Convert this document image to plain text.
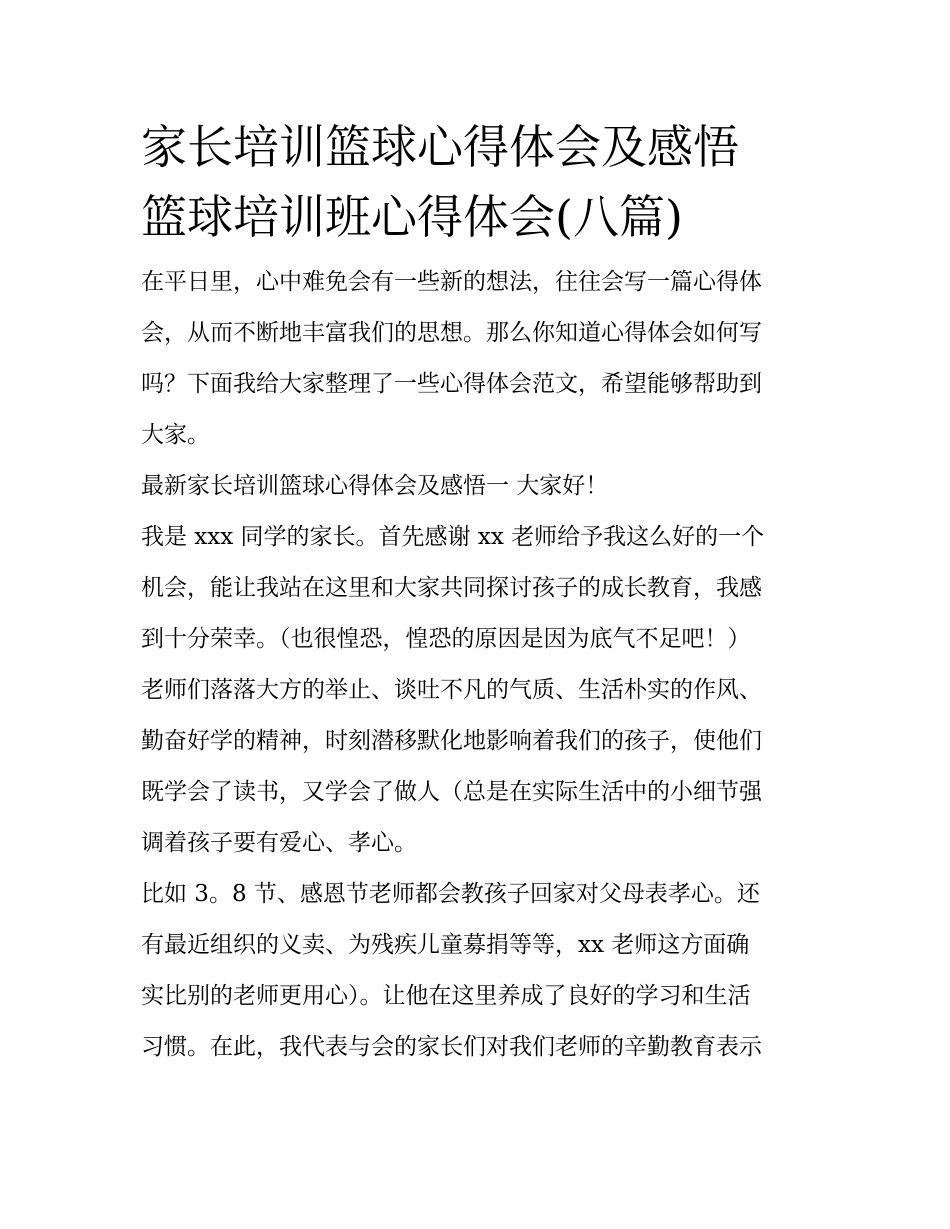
家长培训篮球心得体会及感悟
篮球培训班心得体会(八篇)

在平日里，心中难免会有一些新的想法，往往会写一篇心得体

会，从而不断地丰富我们的思想。那么你知道心得体会如何写

吗？下面我给大家整理了一些心得体会范文，希望能够帮助到

大家。

最新家长培训篮球心得体会及感悟一 大家好！

我是 xxx 同学的家长。首先感谢 xx 老师给予我这么好的一个

机会，能让我站在这里和大家共同探讨孩子的成长教育，我感

到十分荣幸。（也很惶恐，惶恐的原因是因为底气不足吧！）

老师们落落大方的举止、谈吐不凡的气质、生活朴实的作风、

勤奋好学的精神，时刻潜移默化地影响着我们的孩子，使他们

既学会了读书，又学会了做人（总是在实际生活中的小细节强

调着孩子要有爱心、孝心。

比如 3。8 节、感恩节老师都会教孩子回家对父母表孝心。还

有最近组织的义卖、为残疾儿童募捐等等，xx 老师这方面确

实比别的老师更用心）。让他在这里养成了良好的学习和生活

习惯。在此，我代表与会的家长们对我们老师的辛勤教育表示
